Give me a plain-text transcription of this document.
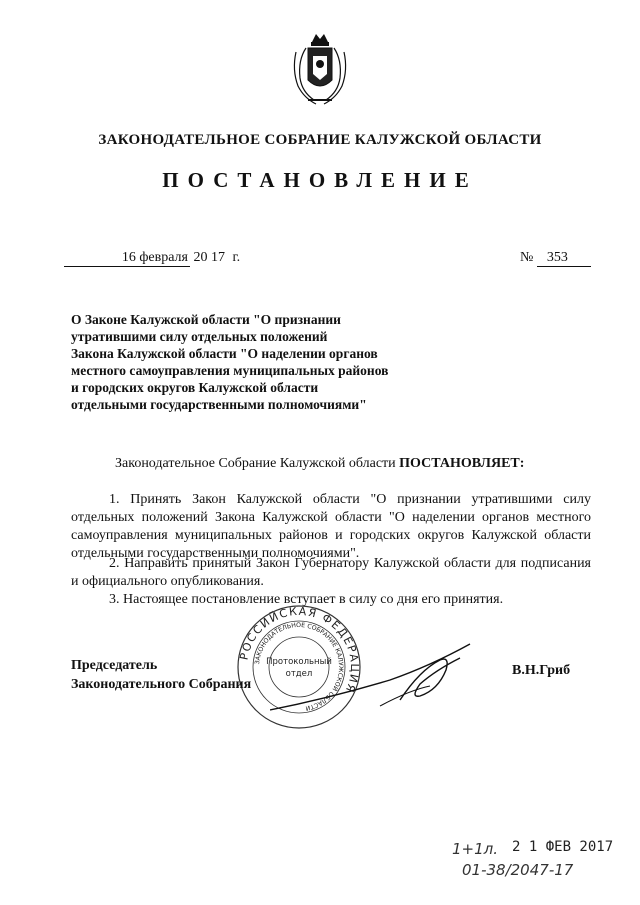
ЗАКОНОДАТЕЛЬНОЕ СОБРАНИЕ КАЛУЖСКОЙ ОБЛАСТИ
ПОСТАНОВЛЕНИЕ
16 февраля 20 17 г.	№ 353
О Законе Калужской области "О признании
утратившими силу отдельных положений
Закона Калужской области "О наделении органов
местного самоуправления муниципальных районов
и городских округов Калужской области
отдельными государственными полномочиями"
Законодательное Собрание Калужской области ПОСТАНОВЛЯЕТ:
1. Принять Закон Калужской области "О признании утратившими силу отдельных положений Закона Калужской области "О наделении органов местного самоуправления муниципальных районов и городских округов Калужской области отдельными государственными полномочиями".
2. Направить принятый Закон Губернатору Калужской области для подписания и официального опубликования.
3. Настоящее постановление вступает в силу со дня его принятия.
РОССИЙСКАЯ ФЕДЕРАЦИЯ
ЗАКОНОДАТЕЛЬНОЕ СОБРАНИЕ КАЛУЖСКОЙ ОБЛАСТИ
Протокольный
отдел
Председатель
Законодательного Собрания
В.Н.Гриб
2 1 ФЕВ 2017
1+1л.
01-38/2047-17
